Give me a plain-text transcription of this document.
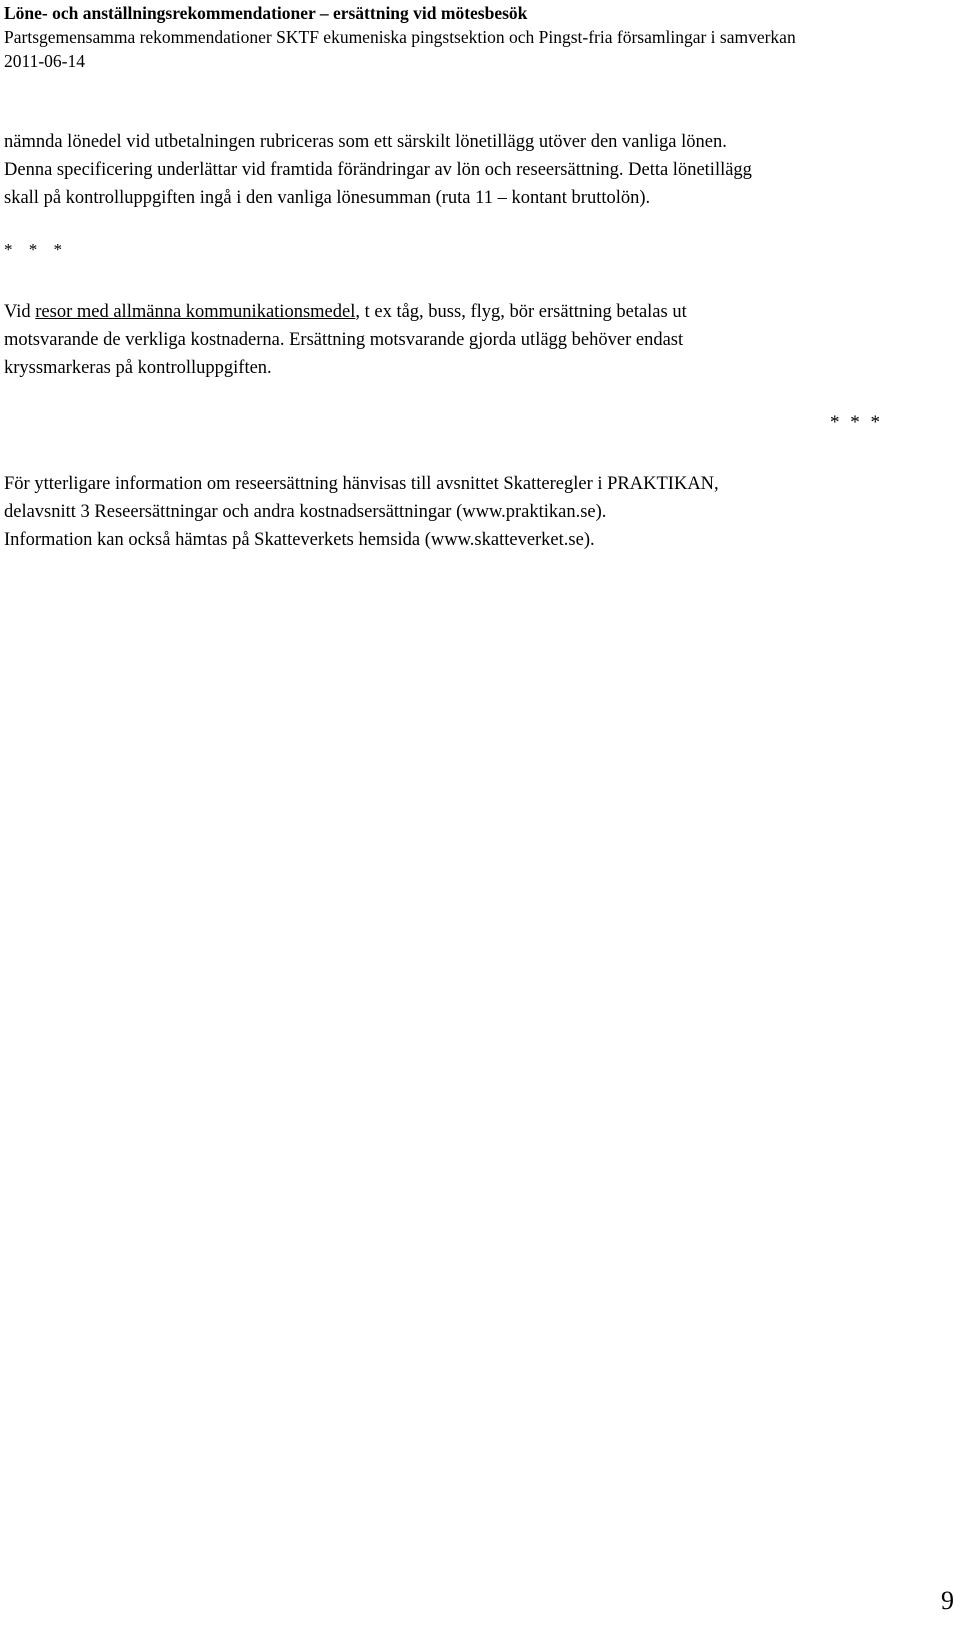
Löne- och anställningsrekommendationer – ersättning vid mötesbesök
Partsgemensamma rekommendationer SKTF ekumeniska pingstsektion och Pingst-fria församlingar i samverkan
2011-06-14
nämnda lönedel vid utbetalningen rubriceras som ett särskilt lönetillägg utöver den vanliga lönen.
Denna specificering underlättar vid framtida förändringar av lön och reseersättning. Detta lönetillägg
skall på kontrolluppgiften ingå i den vanliga lönesumman (ruta 11 – kontant bruttolön).
* * *
Vid resor med allmänna kommunikationsmedel, t ex tåg, buss, flyg, bör ersättning betalas ut
motsvarande de verkliga kostnaderna. Ersättning motsvarande gjorda utlägg behöver endast
kryssmarkeras på kontrolluppgiften.
* * *
För ytterligare information om reseersättning hänvisas till avsnittet Skatteregler i PRAKTIKAN,
delavsnitt 3 Reseersättningar och andra kostnadsersättningar (www.praktikan.se).
Information kan också hämtas på Skatteverkets hemsida (www.skatteverket.se).
9
